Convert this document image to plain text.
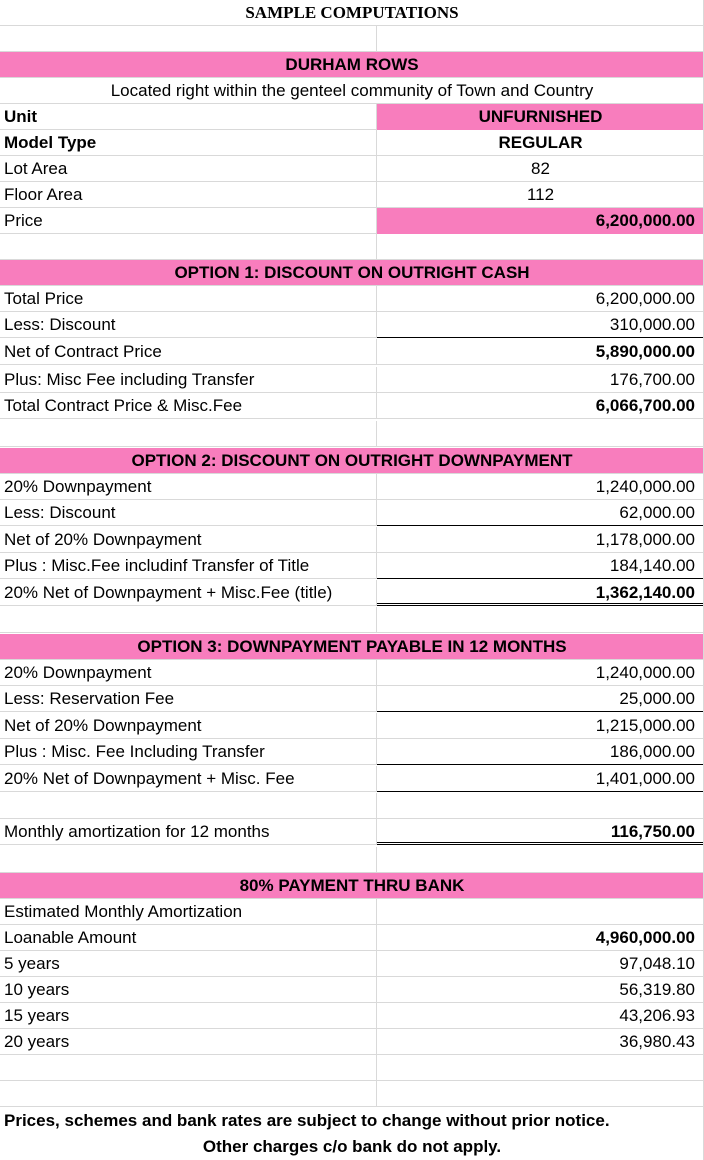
SAMPLE COMPUTATIONS
DURHAM ROWS
Located right within the genteel community of Town and Country
Unit	UNFURNISHED
Model Type	REGULAR
Lot Area	82
Floor Area	112
Price	6,200,000.00
OPTION 1: DISCOUNT ON OUTRIGHT CASH
Total Price	6,200,000.00
Less: Discount	310,000.00
Net of Contract Price	5,890,000.00
Plus: Misc Fee including Transfer	176,700.00
Total Contract Price & Misc.Fee	6,066,700.00
OPTION 2: DISCOUNT ON OUTRIGHT DOWNPAYMENT
20% Downpayment	1,240,000.00
Less: Discount	62,000.00
Net of 20% Downpayment	1,178,000.00
Plus : Misc.Fee includinf Transfer of Title	184,140.00
20% Net of Downpayment + Misc.Fee (title)	1,362,140.00
OPTION 3: DOWNPAYMENT PAYABLE IN 12 MONTHS
20% Downpayment	1,240,000.00
Less: Reservation Fee	25,000.00
Net of 20% Downpayment	1,215,000.00
Plus : Misc. Fee Including Transfer	186,000.00
20% Net of Downpayment + Misc. Fee	1,401,000.00
Monthly amortization for 12 months	116,750.00
80% PAYMENT THRU BANK
Estimated Monthly Amortization
Loanable Amount	4,960,000.00
5 years	97,048.10
10 years	56,319.80
15 years	43,206.93
20 years	36,980.43
Prices, schemes and bank rates are subject to change without prior notice.
Other charges c/o bank do not apply.
